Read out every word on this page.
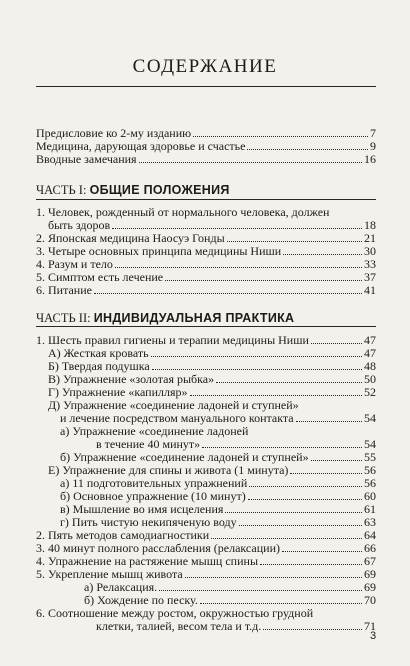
СОДЕРЖАНИЕ
Предисловие ко 2-му изданию	7
Медицина, дарующая здоровье и счастье	9
Вводные замечания	16
ЧАСТЬ I: ОБЩИЕ ПОЛОЖЕНИЯ
1. Человек, рожденный от нормального человека, должен
быть здоров	18
2. Японская медицина Наосуэ Гонды	21
3. Четыре основных принципа медицины Ниши	30
4. Разум и тело	33
5. Симптом есть лечение	37
6. Питание	41
ЧАСТЬ II: ИНДИВИДУАЛЬНАЯ ПРАКТИКА
1. Шесть правил гигиены и терапии медицины Ниши	47
А) Жесткая кровать	47
Б) Твердая подушка	48
В) Упражнение «золотая рыбка»	50
Г) Упражнение «капилляр»	52
Д) Упражнение «соединение ладоней и ступней»
и лечение посредством мануального контакта	54
а) Упражнение «соединение ладоней
в течение 40 минут»	54
б) Упражнение «соединение ладоней и ступней»	55
Е) Упражнение для спины и живота (1 минута)	56
а) 11 подготовительных упражнений	56
б) Основное упражнение (10 минут)	60
в) Мышление во имя исцеления	61
г) Пить чистую некипяченую воду	63
2. Пять методов самодиагностики	64
3. 40 минут полного расслабления (релаксации)	66
4. Упражнение на растяжение мышц спины	67
5. Укрепление мышц живота	69
а) Релаксация.	69
б) Хождение по песку.	70
6. Соотношение между ростом, окружностью грудной
клетки, талией, весом тела и т.д.	71
3
